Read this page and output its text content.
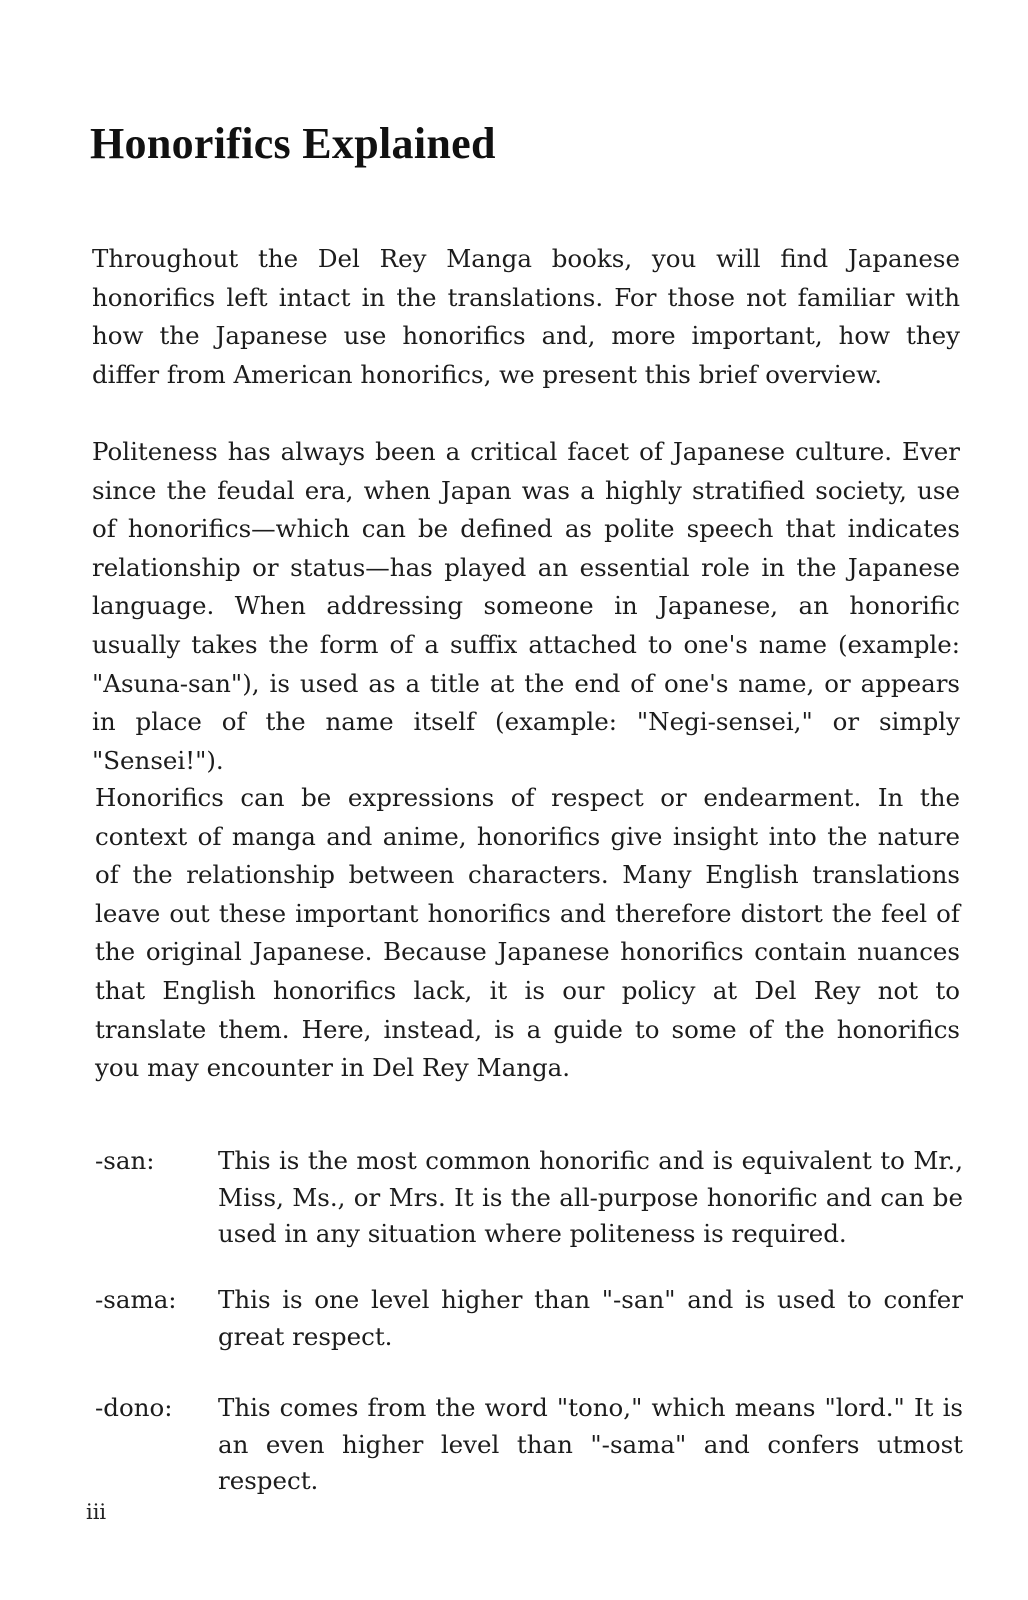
Honorifics Explained

Throughout the Del Rey Manga books, you will find Japanese honorifics left intact in the translations. For those not familiar with how the Japanese use honorifics and, more important, how they differ from American honorifics, we present this brief overview.

Politeness has always been a critical facet of Japanese culture. Ever since the feudal era, when Japan was a highly stratified society, use of honorifics—which can be defined as polite speech that indicates relationship or status—has played an essential role in the Japanese language. When addressing someone in Japanese, an honorific usually takes the form of a suffix attached to one's name (example: "Asuna-san"), is used as a title at the end of one's name, or appears in place of the name itself (example: "Negi-sensei," or simply "Sensei!").

Honorifics can be expressions of respect or endearment. In the context of manga and anime, honorifics give insight into the nature of the relationship between characters. Many English translations leave out these important honorifics and therefore distort the feel of the original Japanese. Because Japanese honorifics contain nuances that English honorifics lack, it is our policy at Del Rey not to translate them. Here, instead, is a guide to some of the honorifics you may encounter in Del Rey Manga.

-san:	This is the most common honorific and is equivalent to Mr., Miss, Ms., or Mrs. It is the all-purpose honorific and can be used in any situation where politeness is required.
-sama:	This is one level higher than "-san" and is used to confer great respect.
-dono:	This comes from the word "tono," which means "lord." It is an even higher level than "-sama" and confers utmost respect.
iii
